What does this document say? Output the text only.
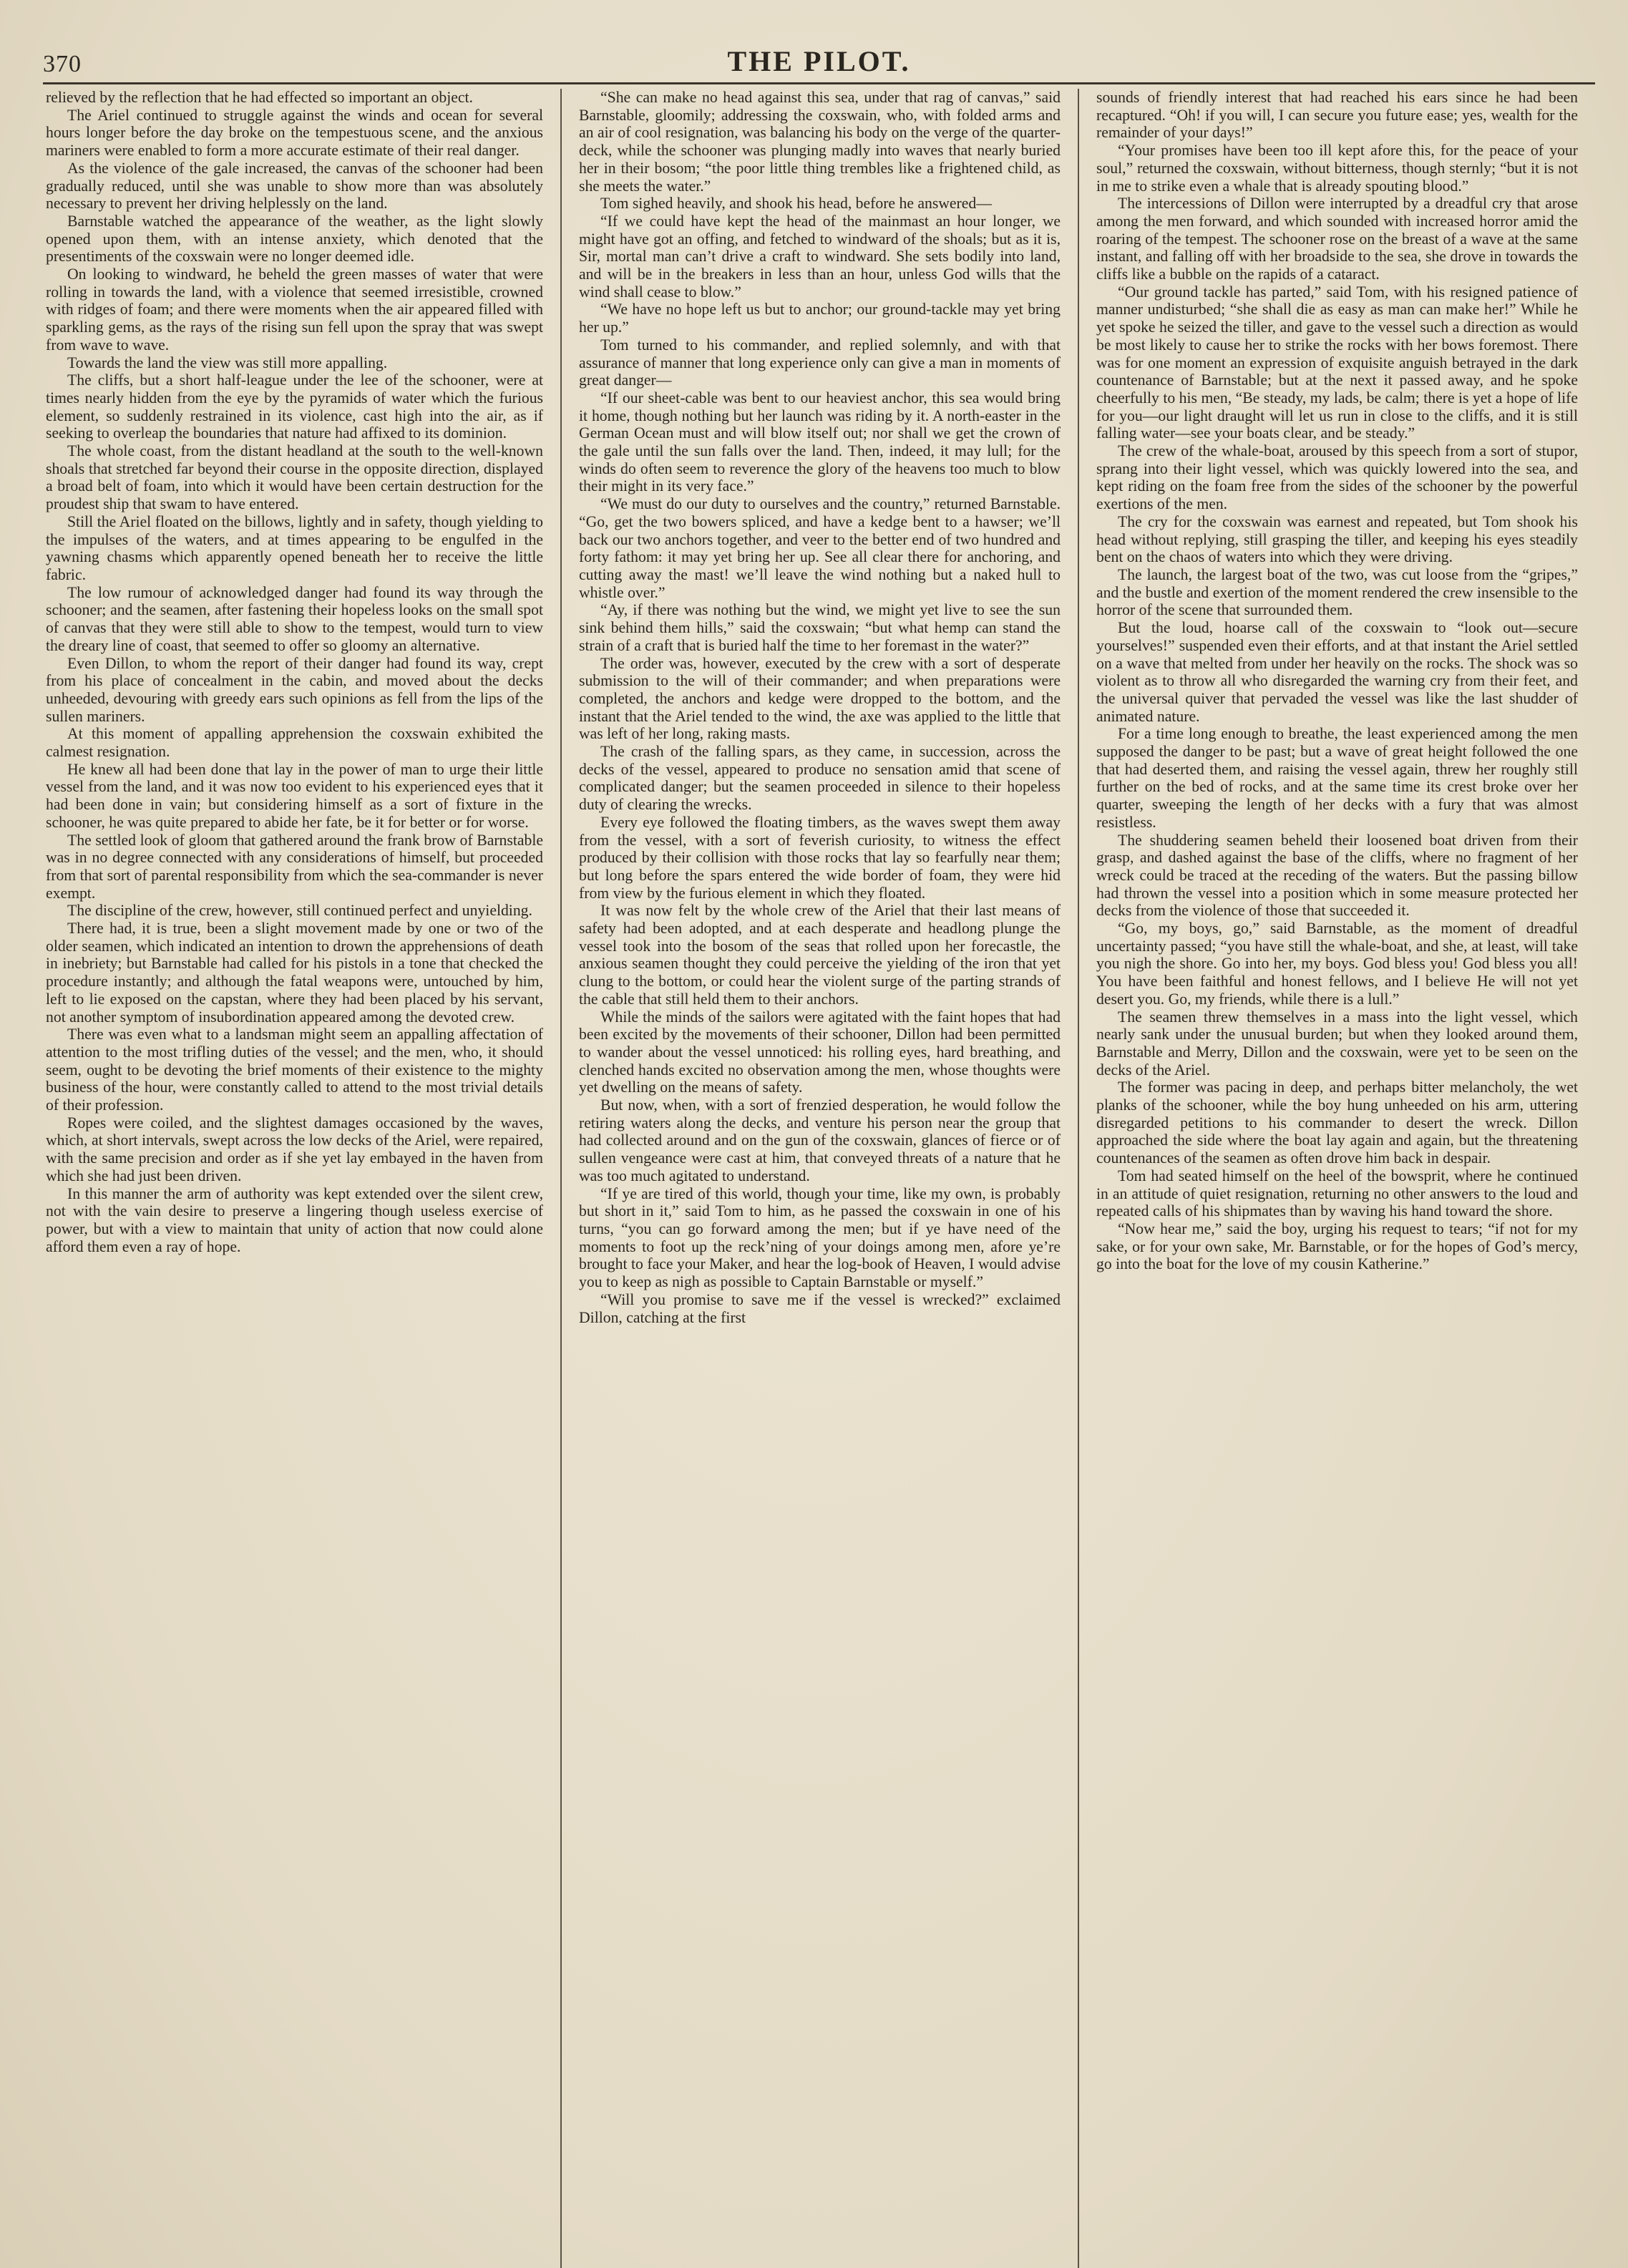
370	THE PILOT.

relieved by the reflection that he had effected so important an object.

The Ariel continued to struggle against the winds and ocean for several hours longer before the day broke on the tempestuous scene, and the anxious mariners were enabled to form a more accurate estimate of their real danger.

As the violence of the gale increased, the canvas of the schooner had been gradually reduced, until she was unable to show more than was absolutely necessary to prevent her driving helplessly on the land.

Barnstable watched the appearance of the weather, as the light slowly opened upon them, with an intense anxiety, which denoted that the presentiments of the coxswain were no longer deemed idle.

On looking to windward, he beheld the green masses of water that were rolling in towards the land, with a violence that seemed irresistible, crowned with ridges of foam; and there were moments when the air appeared filled with sparkling gems, as the rays of the rising sun fell upon the spray that was swept from wave to wave.

Towards the land the view was still more appalling.

The cliffs, but a short half-league under the lee of the schooner, were at times nearly hidden from the eye by the pyramids of water which the furious element, so suddenly restrained in its violence, cast high into the air, as if seeking to overleap the boundaries that nature had affixed to its dominion.

The whole coast, from the distant headland at the south to the well-known shoals that stretched far beyond their course in the opposite direction, displayed a broad belt of foam, into which it would have been certain destruction for the proudest ship that swam to have entered.

Still the Ariel floated on the billows, lightly and in safety, though yielding to the impulses of the waters, and at times appearing to be engulfed in the yawning chasms which apparently opened beneath her to receive the little fabric.

The low rumour of acknowledged danger had found its way through the schooner; and the seamen, after fastening their hopeless looks on the small spot of canvas that they were still able to show to the tempest, would turn to view the dreary line of coast, that seemed to offer so gloomy an alternative.

Even Dillon, to whom the report of their danger had found its way, crept from his place of concealment in the cabin, and moved about the decks unheeded, devouring with greedy ears such opinions as fell from the lips of the sullen mariners.

At this moment of appalling apprehension the coxswain exhibited the calmest resignation.

He knew all had been done that lay in the power of man to urge their little vessel from the land, and it was now too evident to his experienced eyes that it had been done in vain; but considering himself as a sort of fixture in the schooner, he was quite prepared to abide her fate, be it for better or for worse.

The settled look of gloom that gathered around the frank brow of Barnstable was in no degree connected with any considerations of himself, but proceeded from that sort of parental responsibility from which the sea-commander is never exempt.

The discipline of the crew, however, still continued perfect and unyielding.

There had, it is true, been a slight movement made by one or two of the older seamen, which indicated an intention to drown the apprehensions of death in inebriety; but Barnstable had called for his pistols in a tone that checked the procedure instantly; and although the fatal weapons were, untouched by him, left to lie exposed on the capstan, where they had been placed by his servant, not another symptom of insubordination appeared among the devoted crew.

There was even what to a landsman might seem an appalling affectation of attention to the most trifling duties of the vessel; and the men, who, it should seem, ought to be devoting the brief moments of their existence to the mighty business of the hour, were constantly called to attend to the most trivial details of their profession.

Ropes were coiled, and the slightest damages occasioned by the waves, which, at short intervals, swept across the low decks of the Ariel, were repaired, with the same precision and order as if she yet lay embayed in the haven from which she had just been driven.

In this manner the arm of authority was kept extended over the silent crew, not with the vain desire to preserve a lingering though useless exercise of power, but with a view to maintain that unity of action that now could alone afford them even a ray of hope.

“She can make no head against this sea, under that rag of canvas,” said Barnstable, gloomily; addressing the coxswain, who, with folded arms and an air of cool resignation, was balancing his body on the verge of the quarter-deck, while the schooner was plunging madly into waves that nearly buried her in their bosom; “the poor little thing trembles like a frightened child, as she meets the water.”

Tom sighed heavily, and shook his head, before he answered—

“If we could have kept the head of the mainmast an hour longer, we might have got an offing, and fetched to windward of the shoals; but as it is, Sir, mortal man can’t drive a craft to windward. She sets bodily into land, and will be in the breakers in less than an hour, unless God wills that the wind shall cease to blow.”

“We have no hope left us but to anchor; our ground-tackle may yet bring her up.”

Tom turned to his commander, and replied solemnly, and with that assurance of manner that long experience only can give a man in moments of great danger—

“If our sheet-cable was bent to our heaviest anchor, this sea would bring it home, though nothing but her launch was riding by it. A north-easter in the German Ocean must and will blow itself out; nor shall we get the crown of the gale until the sun falls over the land. Then, indeed, it may lull; for the winds do often seem to reverence the glory of the heavens too much to blow their might in its very face.”

“We must do our duty to ourselves and the country,” returned Barnstable. “Go, get the two bowers spliced, and have a kedge bent to a hawser; we’ll back our two anchors together, and veer to the better end of two hundred and forty fathom: it may yet bring her up. See all clear there for anchoring, and cutting away the mast! we’ll leave the wind nothing but a naked hull to whistle over.”

“Ay, if there was nothing but the wind, we might yet live to see the sun sink behind them hills,” said the coxswain; “but what hemp can stand the strain of a craft that is buried half the time to her foremast in the water?”

The order was, however, executed by the crew with a sort of desperate submission to the will of their commander; and when preparations were completed, the anchors and kedge were dropped to the bottom, and the instant that the Ariel tended to the wind, the axe was applied to the little that was left of her long, raking masts.

The crash of the falling spars, as they came, in succession, across the decks of the vessel, appeared to produce no sensation amid that scene of complicated danger; but the seamen proceeded in silence to their hopeless duty of clearing the wrecks.

Every eye followed the floating timbers, as the waves swept them away from the vessel, with a sort of feverish curiosity, to witness the effect produced by their collision with those rocks that lay so fearfully near them; but long before the spars entered the wide border of foam, they were hid from view by the furious element in which they floated.

It was now felt by the whole crew of the Ariel that their last means of safety had been adopted, and at each desperate and headlong plunge the vessel took into the bosom of the seas that rolled upon her forecastle, the anxious seamen thought they could perceive the yielding of the iron that yet clung to the bottom, or could hear the violent surge of the parting strands of the cable that still held them to their anchors.

While the minds of the sailors were agitated with the faint hopes that had been excited by the movements of their schooner, Dillon had been permitted to wander about the vessel unnoticed: his rolling eyes, hard breathing, and clenched hands excited no observation among the men, whose thoughts were yet dwelling on the means of safety.

But now, when, with a sort of frenzied desperation, he would follow the retiring waters along the decks, and venture his person near the group that had collected around and on the gun of the coxswain, glances of fierce or of sullen vengeance were cast at him, that conveyed threats of a nature that he was too much agitated to understand.

“If ye are tired of this world, though your time, like my own, is probably but short in it,” said Tom to him, as he passed the coxswain in one of his turns, “you can go forward among the men; but if ye have need of the moments to foot up the reck’ning of your doings among men, afore ye’re brought to face your Maker, and hear the log-book of Heaven, I would advise you to keep as nigh as possible to Captain Barnstable or myself.”

“Will you promise to save me if the vessel is wrecked?” exclaimed Dillon, catching at the first

sounds of friendly interest that had reached his ears since he had been recaptured. “Oh! if you will, I can secure you future ease; yes, wealth for the remainder of your days!”

“Your promises have been too ill kept afore this, for the peace of your soul,” returned the coxswain, without bitterness, though sternly; “but it is not in me to strike even a whale that is already spouting blood.”

The intercessions of Dillon were interrupted by a dreadful cry that arose among the men forward, and which sounded with increased horror amid the roaring of the tempest. The schooner rose on the breast of a wave at the same instant, and falling off with her broadside to the sea, she drove in towards the cliffs like a bubble on the rapids of a cataract.

“Our ground tackle has parted,” said Tom, with his resigned patience of manner undisturbed; “she shall die as easy as man can make her!” While he yet spoke he seized the tiller, and gave to the vessel such a direction as would be most likely to cause her to strike the rocks with her bows foremost. There was for one moment an expression of exquisite anguish betrayed in the dark countenance of Barnstable; but at the next it passed away, and he spoke cheerfully to his men, “Be steady, my lads, be calm; there is yet a hope of life for you—our light draught will let us run in close to the cliffs, and it is still falling water—see your boats clear, and be steady.”

The crew of the whale-boat, aroused by this speech from a sort of stupor, sprang into their light vessel, which was quickly lowered into the sea, and kept riding on the foam free from the sides of the schooner by the powerful exertions of the men.

The cry for the coxswain was earnest and repeated, but Tom shook his head without replying, still grasping the tiller, and keeping his eyes steadily bent on the chaos of waters into which they were driving.

The launch, the largest boat of the two, was cut loose from the “gripes,” and the bustle and exertion of the moment rendered the crew insensible to the horror of the scene that surrounded them.

But the loud, hoarse call of the coxswain to “look out—secure yourselves!” suspended even their efforts, and at that instant the Ariel settled on a wave that melted from under her heavily on the rocks. The shock was so violent as to throw all who disregarded the warning cry from their feet, and the universal quiver that pervaded the vessel was like the last shudder of animated nature.

For a time long enough to breathe, the least experienced among the men supposed the danger to be past; but a wave of great height followed the one that had deserted them, and raising the vessel again, threw her roughly still further on the bed of rocks, and at the same time its crest broke over her quarter, sweeping the length of her decks with a fury that was almost resistless.

The shuddering seamen beheld their loosened boat driven from their grasp, and dashed against the base of the cliffs, where no fragment of her wreck could be traced at the receding of the waters. But the passing billow had thrown the vessel into a position which in some measure protected her decks from the violence of those that succeeded it.

“Go, my boys, go,” said Barnstable, as the moment of dreadful uncertainty passed; “you have still the whale-boat, and she, at least, will take you nigh the shore. Go into her, my boys. God bless you! God bless you all! You have been faithful and honest fellows, and I believe He will not yet desert you. Go, my friends, while there is a lull.”

The seamen threw themselves in a mass into the light vessel, which nearly sank under the unusual burden; but when they looked around them, Barnstable and Merry, Dillon and the coxswain, were yet to be seen on the decks of the Ariel.

The former was pacing in deep, and perhaps bitter melancholy, the wet planks of the schooner, while the boy hung unheeded on his arm, uttering disregarded petitions to his commander to desert the wreck. Dillon approached the side where the boat lay again and again, but the threatening countenances of the seamen as often drove him back in despair.

Tom had seated himself on the heel of the bowsprit, where he continued in an attitude of quiet resignation, returning no other answers to the loud and repeated calls of his shipmates than by waving his hand toward the shore.

“Now hear me,” said the boy, urging his request to tears; “if not for my sake, or for your own sake, Mr. Barnstable, or for the hopes of God’s mercy, go into the boat for the love of my cousin Katherine.”
